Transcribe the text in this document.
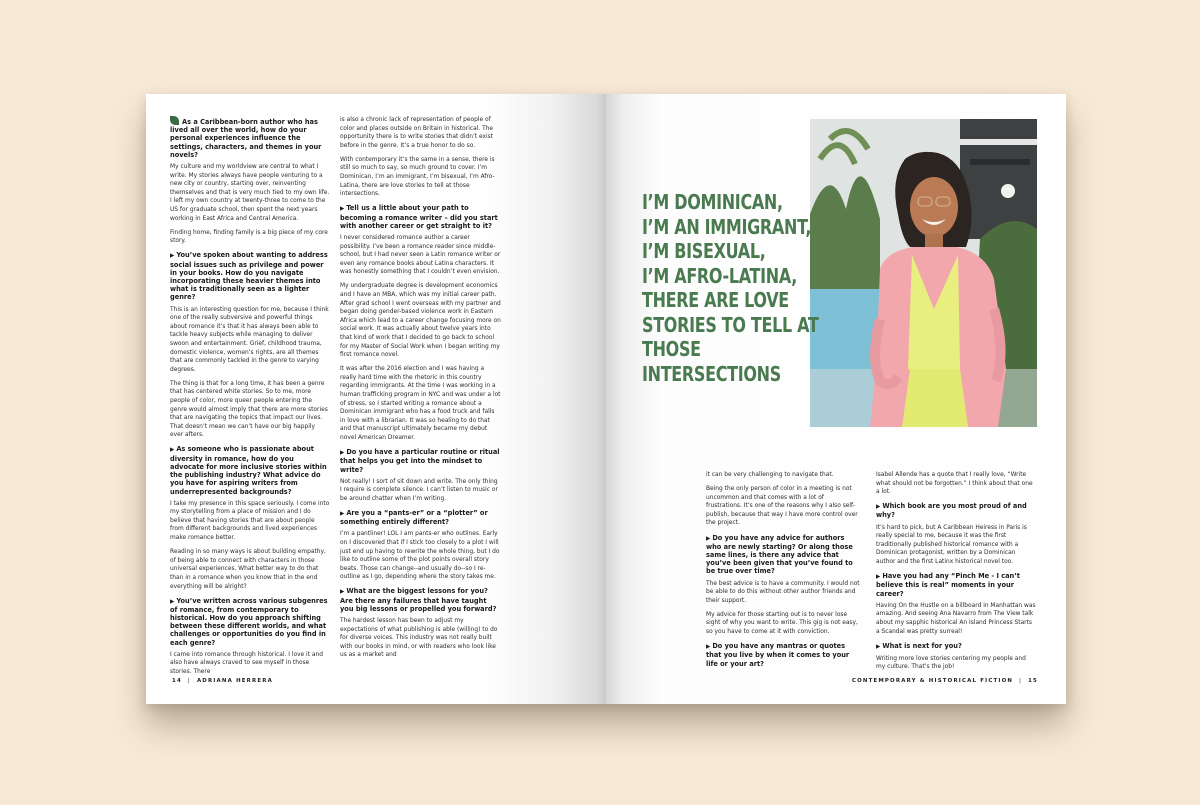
As a Caribbean-born author who has lived all over the world, how do your personal experiences influence the settings, characters, and themes in your novels?

My culture and my worldview are central to what I write. My stories always have people venturing to a new city or country, starting over, reinventing themselves and that is very much tied to my own life. I left my own country at twenty-three to come to the US for graduate school, then spent the next years working in East Africa and Central America.

Finding home, finding family is a big piece of my core story.

▶ You’ve spoken about wanting to address social issues such as privilege and power in your books. How do you navigate incorporating these heavier themes into what is traditionally seen as a lighter genre?

This is an interesting question for me, because I think one of the really subversive and powerful things about romance it’s that it has always been able to tackle heavy subjects while managing to deliver swoon and entertainment. Grief, childhood trauma, domestic violence, women’s rights, are all themes that are commonly tackled in the genre to varying degrees.

The thing is that for a long time, it has been a genre that has centered white stories. So to me, more people of color, more queer people entering the genre would almost imply that there are more stories that are navigating the topics that impact our lives. That doesn’t mean we can’t have our big happily ever afters.

▶ As someone who is passionate about diversity in romance, how do you advocate for more inclusive stories within the publishing industry? What advice do you have for aspiring writers from underrepresented backgrounds?

I take my presence in this space seriously. I come into my storytelling from a place of mission and I do believe that having stories that are about people from different backgrounds and lived experiences make romance better.

Reading in so many ways is about building empathy, of being able to connect with characters in those universal experiences. What better way to do that than in a romance when you know that in the end everything will be alright?

▶ You’ve written across various subgenres of romance, from contemporary to historical. How do you approach shifting between these different worlds, and what challenges or opportunities do you find in each genre?

I came into romance through historical. I love it and also have always craved to see myself in those stories. There

is also a chronic lack of representation of people of color and places outside on Britain in historical. The opportunity there is to write stories that didn’t exist before in the genre. It’s a true honor to do so.

With contemporary it’s the same in a sense, there is still so much to say, so much ground to cover. I’m Dominican, I’m an immigrant, I’m bisexual, I’m Afro-Latina, there are love stories to tell at those intersections.

▶ Tell us a little about your path to becoming a romance writer – did you start with another career or get straight to it?

I never considered romance author a career possibility. I’ve been a romance reader since middle-school, but I had never seen a Latin romance writer or even any romance books about Latina characters. It was honestly something that I couldn’t even envision.

My undergraduate degree is development economics and I have an MBA, which was my initial career path. After grad school I went overseas with my partner and began doing gender-based violence work in Eastern Africa which lead to a career change focusing more on social work. It was actually about twelve years into that kind of work that I decided to go back to school for my Master of Social Work when I began writing my first romance novel.

It was after the 2016 election and I was having a really hard time with the rhetoric in this country regarding immigrants. At the time I was working in a human trafficking program in NYC and was under a lot of stress, so I started writing a romance about a Dominican immigrant who has a food truck and falls in love with a librarian. It was so healing to do that and that manuscript ultimately became my debut novel American Dreamer.

▶ Do you have a particular routine or ritual that helps you get into the mindset to write?

Not really! I sort of sit down and write. The only thing I require is complete silence. I can’t listen to music or be around chatter when I’m writing.

▶ Are you a “pants-er” or a “plotter” or something entirely different?

I’m a pantliner! LOL I am pants-er who outlines. Early on I discovered that if I stick too closely to a plot I will just end up having to rewrite the whole thing, but I do like to outline some of the plot points overall story beats. Those can change--and usually do--so I re-outline as I go, depending where the story takes me.

▶ What are the biggest lessons for you? Are there any failures that have taught you big lessons or propelled you forward?

The hardest lesson has been to adjust my expectations of what publishing is able (willing) to do for diverse voices. This industry was not really built with our books in mind, or with readers who look like us as a market and

14 | ADRIANA HERRERA
I’M DOMINICAN,
I’M AN IMMIGRANT,
I’M BISEXUAL,
I’M AFRO-LATINA,
THERE ARE LOVE
STORIES TO TELL AT
THOSE INTERSECTIONS

it can be very challenging to navigate that.

Being the only person of color in a meeting is not uncommon and that comes with a lot of frustrations. It’s one of the reasons why I also self-publish, because that way I have more control over the project.

▶ Do you have any advice for authors who are newly starting? Or along those same lines, is there any advice that you’ve been given that you’ve found to be true over time?

The best advice is to have a community. I would not be able to do this without other author friends and their support.

My advice for those starting out is to never lose sight of why you want to write. This gig is not easy, so you have to come at it with conviction.

▶ Do you have any mantras or quotes that you live by when it comes to your life or your art?

Isabel Allende has a quote that I really love, “Write what should not be forgotten.” I think about that one a lot.

▶ Which book are you most proud of and why?

It’s hard to pick, but A Caribbean Heiress in Paris is really special to me, because it was the first traditionally published historical romance with a Dominican protagonist, written by a Dominican author and the first Latinx historical novel too.

▶ Have you had any “Pinch Me - I can’t believe this is real” moments in your career?

Having On the Hustle on a billboard in Manhattan was amazing. And seeing Ana Navarro from The View talk about my sapphic historical An Island Princess Starts a Scandal was pretty surreal!

▶ What is next for you?

Writing more love stories centering my people and my culture. That’s the job!

CONTEMPORARY & HISTORICAL FICTION | 15
